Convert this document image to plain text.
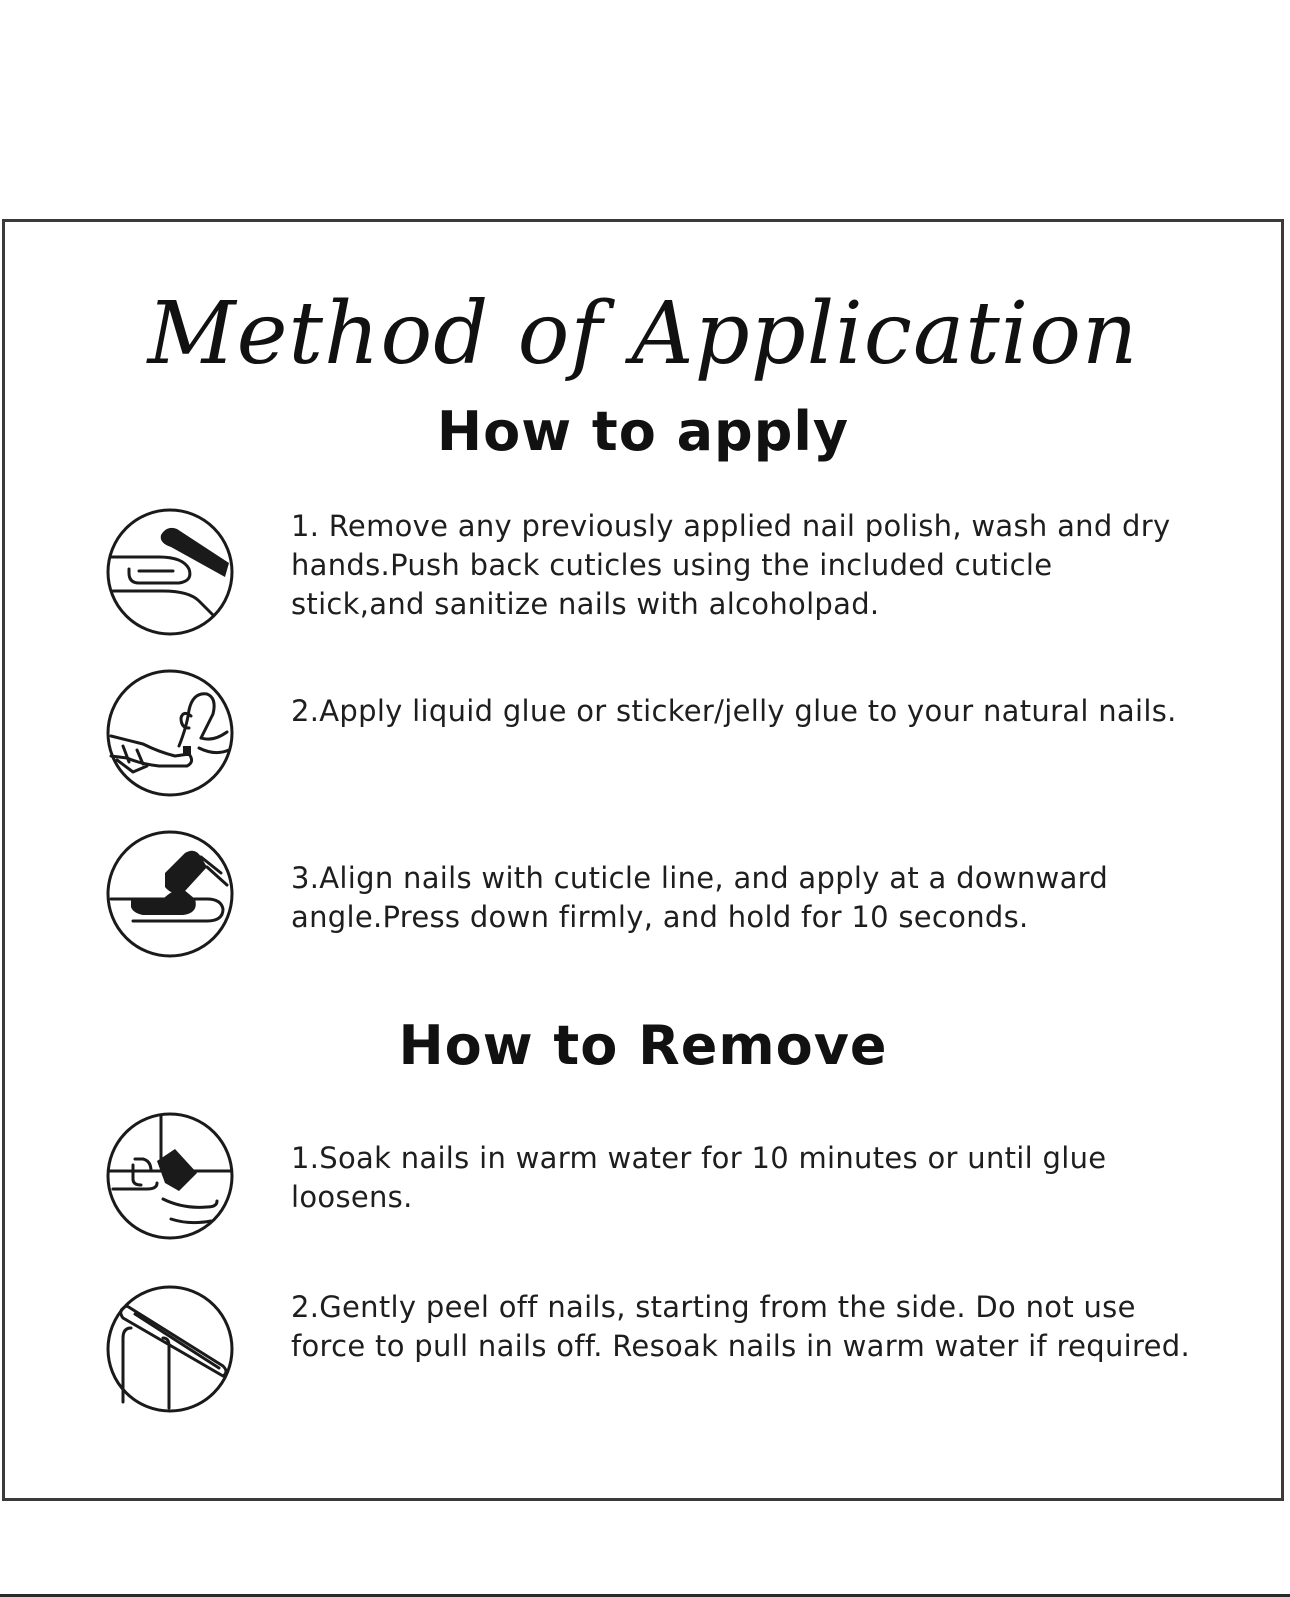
Method of Application
How to apply
1. Remove any previously applied nail polish, wash and dry hands.Push back cuticles using the included cuticle stick,and sanitize nails with alcoholpad.
2.Apply liquid glue or sticker/jelly glue to your natural nails.
3.Align nails with cuticle line, and apply at a downward angle.Press down firmly, and hold for 10 seconds.
How to Remove
1.Soak nails in warm water for 10 minutes or until glue loosens.
2.Gently peel off nails, starting from the side. Do not use force to pull nails off. Resoak nails in warm water if required.
